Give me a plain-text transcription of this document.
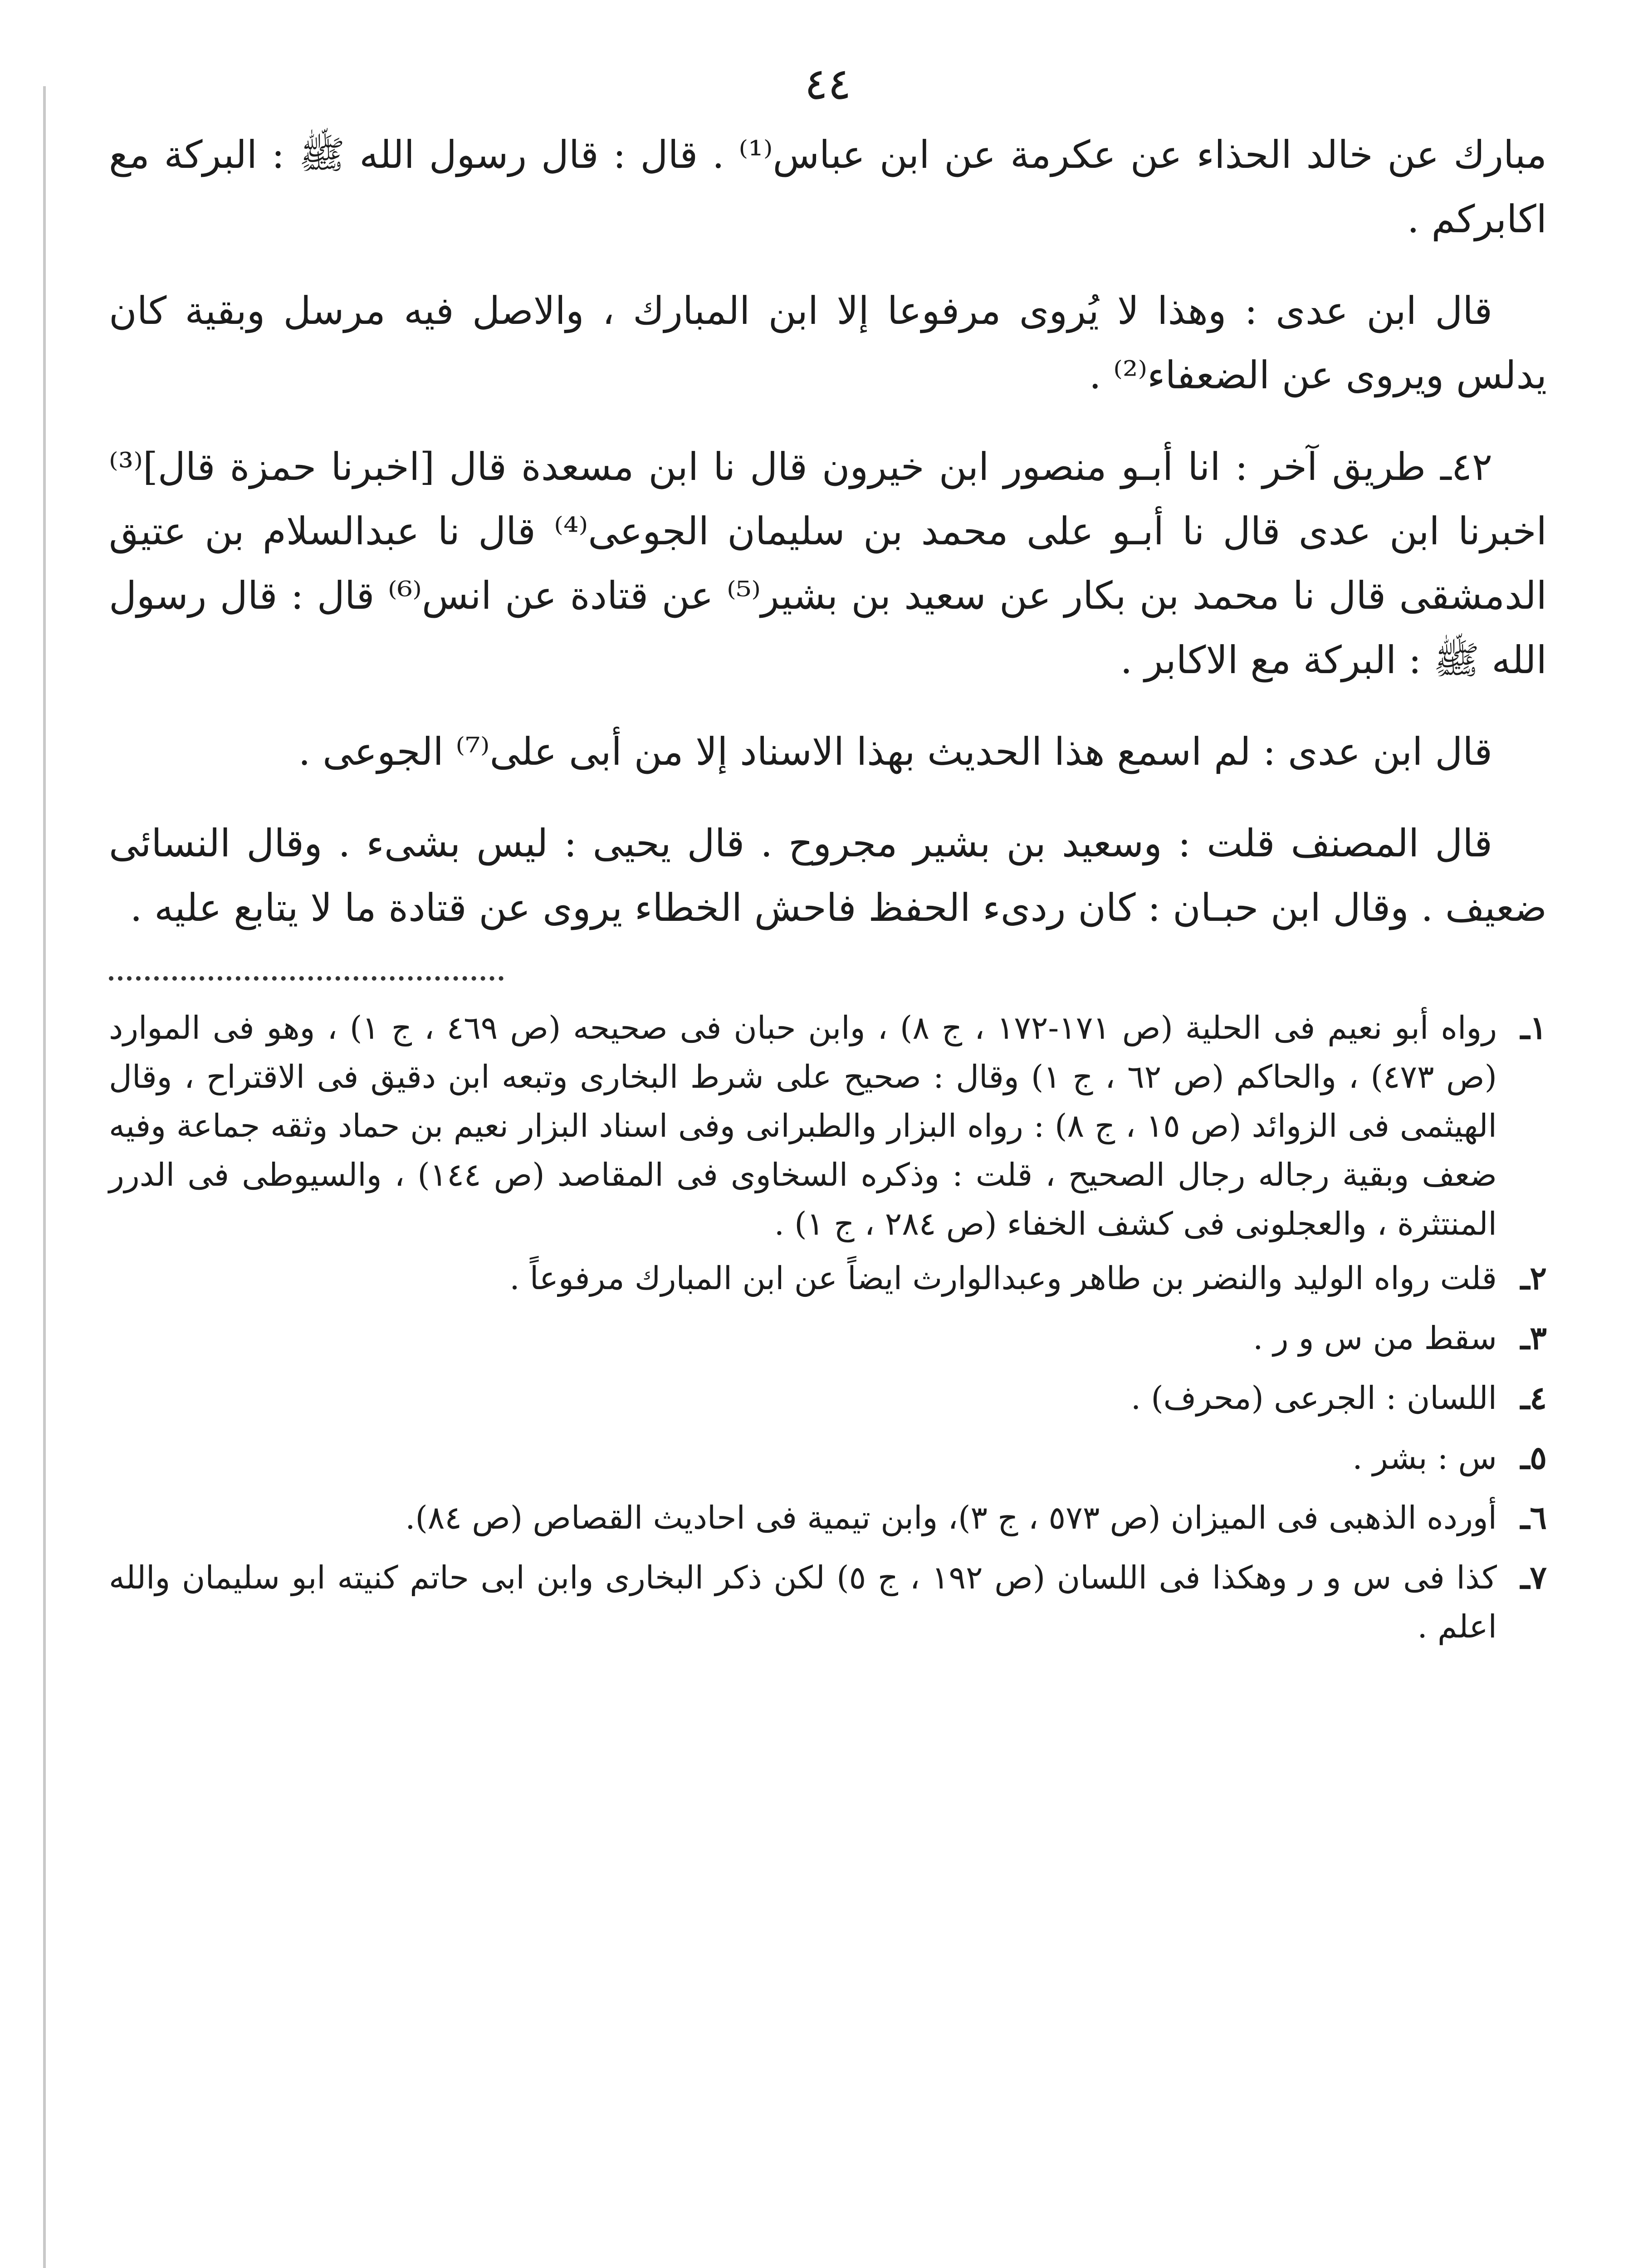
٤٤

مبارك عن خالد الحذاء عن عكرمة عن ابن عباس⁽¹⁾ . قال : قال رسول الله ﷺ : البركة مع اكابركم .

قال ابن عدى : وهذا لا يُروى مرفوعا إلا ابن المبارك ، والاصل فيه مرسل وبقية كان يدلس ويروى عن الضعفاء⁽²⁾ .

٤٢ـ طريق آخر : انا أبـو منصور ابن خيرون قال نا ابن مسعدة قال [اخبرنا حمزة قال]⁽³⁾ اخبرنا ابن عدى قال نا أبـو على محمد بن سليمان الجوعى⁽⁴⁾ قال نا عبدالسلام بن عتيق الدمشقى قال نا محمد بن بكار عن سعيد بن بشير⁽⁵⁾ عن قتادة عن انس⁽⁶⁾ قال : قال رسول الله ﷺ : البركة مع الاكابر .

قال ابن عدى : لم اسمع هذا الحديث بهذا الاسناد إلا من أبى على⁽⁷⁾ الجوعى .

قال المصنف قلت : وسعيد بن بشير مجروح . قال يحيى : ليس بشىء . وقال النسائى ضعيف . وقال ابن حبـان : كان ردىء الحفظ فاحش الخطاء يروى عن قتادة ما لا يتابع عليه .

١ـ
رواه أبو نعيم فى الحلية (ص ١٧١-١٧٢ ، ج ٨) ، وابن حبان فى صحيحه (ص ٤٦٩ ، ج ١) ، وهو فى الموارد (ص ٤٧٣) ، والحاكم (ص ٦٢ ، ج ١) وقال : صحيح على شرط البخارى وتبعه ابن دقيق فى الاقتراح ، وقال الهيثمى فى الزوائد (ص ١٥ ، ج ٨) : رواه البزار والطبرانى وفى اسناد البزار نعيم بن حماد وثقه جماعة وفيه ضعف وبقية رجاله رجال الصحيح ، قلت : وذكره السخاوى فى المقاصد (ص ١٤٤) ، والسيوطى فى الدرر المنتثرة ، والعجلونى فى كشف الخفاء (ص ٢٨٤ ، ج ١) .
٢ـ
قلت رواه الوليد والنضر بن طاهر وعبدالوارث ايضاً عن ابن المبارك مرفوعاً .
٣ـ
سقط من س و ر .
٤ـ
اللسان : الجرعى (محرف) .
٥ـ
س : بشر .
٦ـ
أورده الذهبى فى الميزان (ص ٥٧٣ ، ج ٣)، وابن تيمية فى احاديث القصاص (ص ٨٤).
٧ـ
كذا فى س و ر وهكذا فى اللسان (ص ١٩٢ ، ج ٥) لكن ذكر البخارى وابن ابى حاتم كنيته ابو سليمان والله اعلم .
